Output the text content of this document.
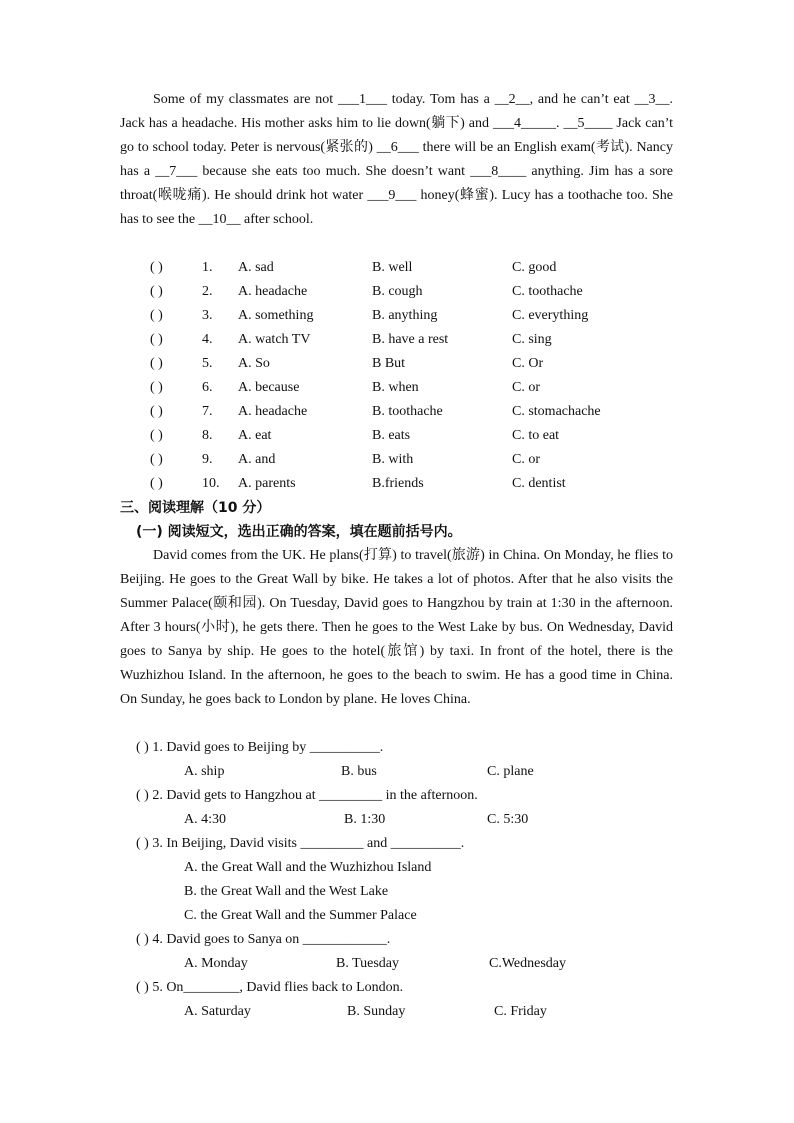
Some of my classmates are not ___1___ today. Tom has a __2__, and he can’t eat __3__. Jack has a headache. His mother asks him to lie down(躺下) and ___4_____. __5____ Jack can’t go to school today. Peter is nervous(紧张的) __6___ there will be an English exam(考试). Nancy has a __7___ because she eats too much. She doesn’t want ___8____ anything. Jim has a sore throat(喉咙痛). He should drink hot water ___9___ honey(蜂蜜). Lucy has a toothache too. She has to see the __10__ after school.

( )	1. A. sad	B. well	C. good
( )	2. A. headache	B. cough	C. toothache
( )	3. A. something	B. anything	C. everything
( )	4. A. watch TV	B. have a rest	C. sing
( )	5. A. So	B But	C. Or
( )	6. A. because	B. when	C. or
( )	7. A. headache	B. toothache	C. stomachache
( )	8. A. eat	B. eats	C. to eat
( )	9. A. and	B. with	C. or
( )	10. A. parents	B.friends	C. dentist
三、阅读理解（10 分）
(一) 阅读短文，选出正确的答案，填在题前括号内。

David comes from the UK. He plans(打算) to travel(旅游) in China. On Monday, he flies to Beijing. He goes to the Great Wall by bike. He takes a lot of photos. After that he also visits the Summer Palace(颐和园). On Tuesday, David goes to Hangzhou by train at 1:30 in the afternoon. After 3 hours(小时), he gets there. Then he goes to the West Lake by bus. On Wednesday, David goes to Sanya by ship. He goes to the hotel(旅馆) by taxi. In front of the hotel, there is the Wuzhizhou Island. In the afternoon, he goes to the beach to swim. He has a good time in China. On Sunday, he goes back to London by plane. He loves China.

( ) 1. David goes to Beijing by __________.
A. ship	B. bus	C. plane
( ) 2. David gets to Hangzhou at _________ in the afternoon.
A. 4:30	B. 1:30	C. 5:30
( ) 3. In Beijing, David visits _________ and __________.
A. the Great Wall and the Wuzhizhou Island
B. the Great Wall and the West Lake
C. the Great Wall and the Summer Palace
( ) 4. David goes to Sanya on ____________.
A. Monday	B. Tuesday	C.Wednesday
( ) 5. On________, David flies back to London.
A. Saturday	B. Sunday	C. Friday
